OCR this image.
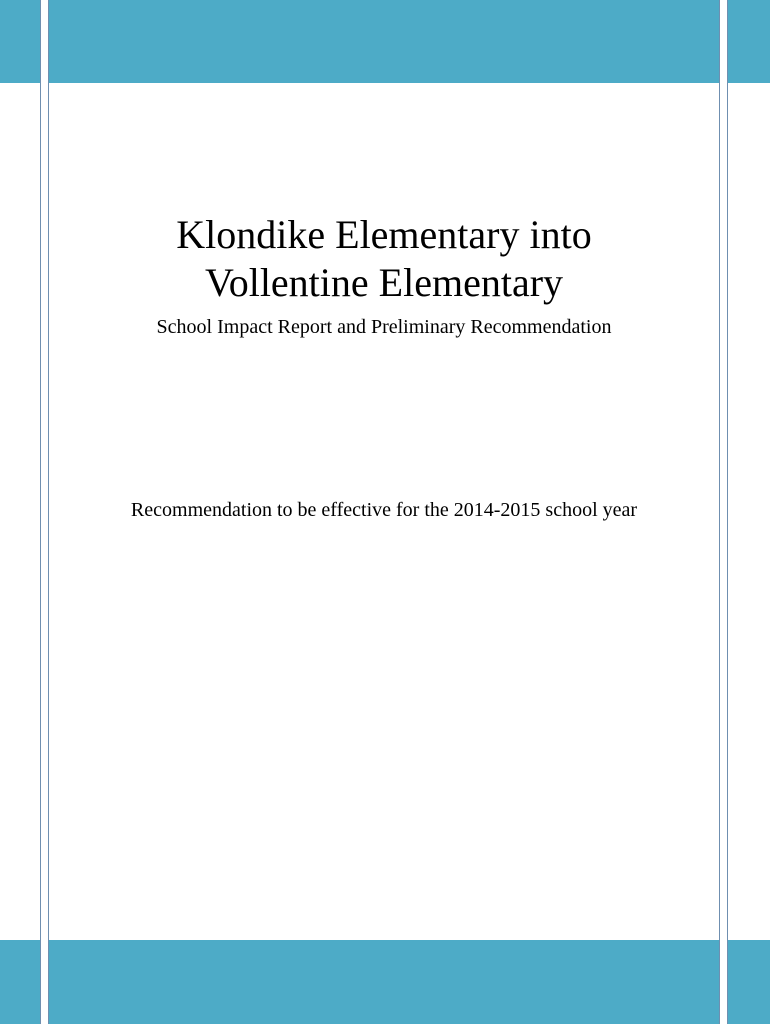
Klondike Elementary into
Vollentine Elementary

School Impact Report and Preliminary Recommendation

Recommendation to be effective for the 2014-2015 school year
